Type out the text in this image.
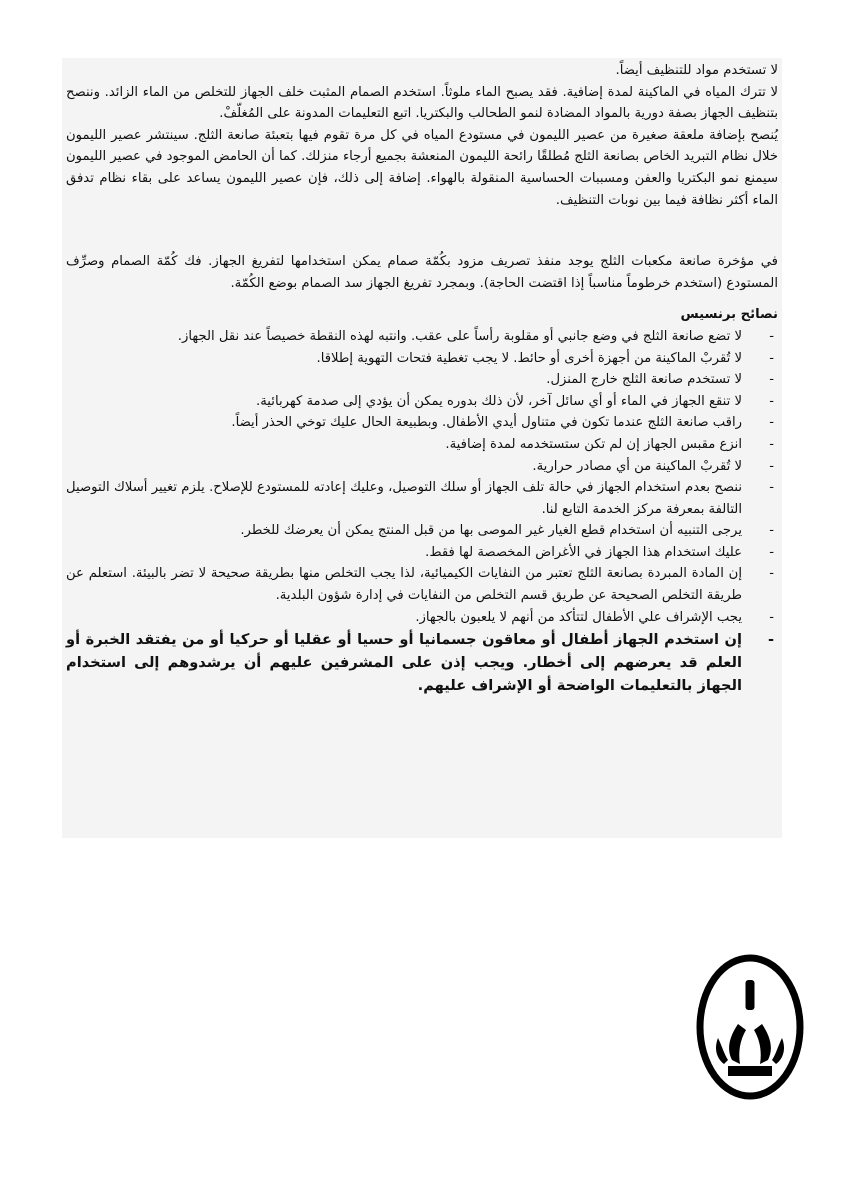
لا تستخدم مواد للتنظيف أيضاً.

لا تترك المياه في الماكينة لمدة إضافية. فقد يصبح الماء ملوثاً. استخدم الصمام المثبت خلف الجهاز للتخلص من الماء الزائد. وننصح بتنظيف الجهاز بصفة دورية بالمواد المضادة لنمو الطحالب والبكتريا. اتبع التعليمات المدونة على المُغلّفْ.

يُنصح بإضافة ملعقة صغيرة من عصير الليمون في مستودع المياه في كل مرة تقوم فيها بتعبئة صانعة الثلج. سينتشر عصير الليمون خلال نظام التبريد الخاص بصانعة الثلج مُطلقًا رائحة الليمون المنعشة بجميع أرجاء منزلك. كما أن الحامض الموجود في عصير الليمون سيمنع نمو البكتريا والعفن ومسببات الحساسية المنقولة بالهواء. إضافة إلى ذلك، فإن عصير الليمون يساعد على بقاء نظام تدفق الماء أكثر نظافة فيما بين نوبات التنظيف.

في مؤخرة صانعة مكعبات الثلج يوجد منفذ تصريف مزود بكُمّة صمام يمكن استخدامها لتفريغ الجهاز. فك كُمّة الصمام وصرِّف المستودع (استخدم خرطوماً مناسباً إذا اقتضت الحاجة). وبمجرد تفريغ الجهاز سد الصمام بوضع الكُمّة.

نصائح برنسيس

- لا تضع صانعة الثلج في وضع جانبي أو مقلوبة رأساً على عقب. وانتبه لهذه النقطة خصيصاً عند نقل الجهاز.
- لا تُقربْ الماكينة من أجهزة أخرى أو حائط. لا يجب تغطية فتحات التهوية إطلاقا.
- لا تستخدم صانعة الثلج خارج المنزل.
- لا تنقع الجهاز في الماء أو أي سائل آخر، لأن ذلك بدوره يمكن أن يؤدي إلى صدمة كهربائية.
- راقب صانعة الثلج عندما تكون في متناول أيدي الأطفال. وبطبيعة الحال عليك توخي الحذر أيضاً.
- انزع مقبس الجهاز إن لم تكن ستستخدمه لمدة إضافية.
- لا تُقربْ الماكينة من أي مصادر حرارية.
- ننصح بعدم استخدام الجهاز في حالة تلف الجهاز أو سلك التوصيل، وعليك إعادته للمستودع للإصلاح. يلزم تغيير أسلاك التوصيل التالفة بمعرفة مركز الخدمة التابع لنا.
- يرجى التنبيه أن استخدام قطع الغيار غير الموصى بها من قبل المنتج يمكن أن يعرضك للخطر.
- عليك استخدام هذا الجهاز في الأغراض المخصصة لها فقط.
- إن المادة المبردة بصانعة الثلج تعتبر من النفايات الكيميائية، لذا يجب التخلص منها بطريقة صحيحة لا تضر بالبيئة. استعلم عن طريقة التخلص الصحيحة عن طريق قسم التخلص من النفايات في إدارة شؤون البلدية.
- يجب الإشراف علي الأطفال لتتأكد من أنهم لا يلعبون بالجهاز.
- إن استخدم الجهاز أطفال أو معاقون جسمانيا أو حسيا أو عقليا أو حركيا أو من يفتقد الخبرة أو العلم قد يعرضهم إلى أخطار. ويجب إذن على المشرفين عليهم أن يرشدوهم إلى استخدام الجهاز بالتعليمات الواضحة أو الإشراف عليهم.
